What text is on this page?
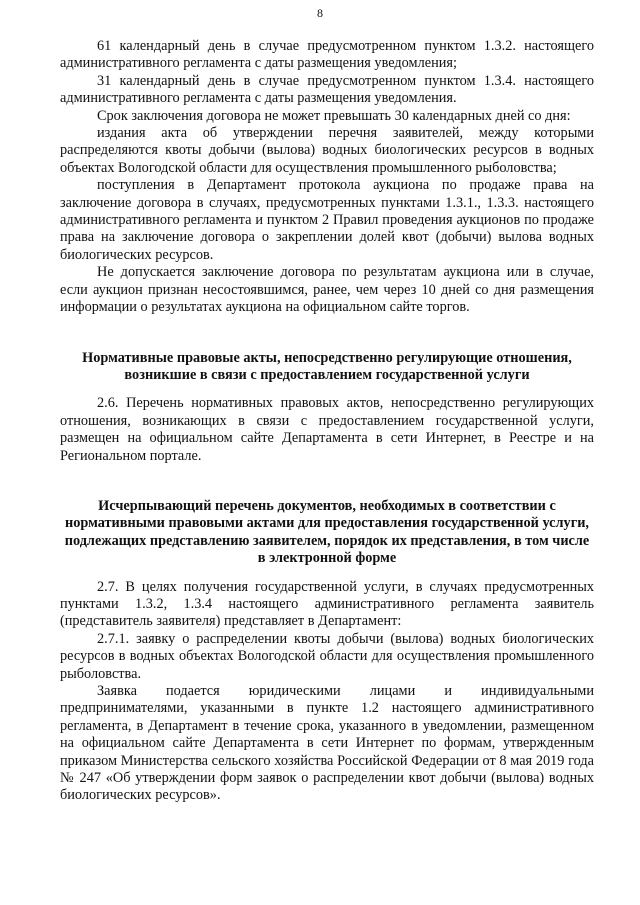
8

61 календарный день в случае предусмотренном пунктом 1.3.2. настоящего административного регламента с даты размещения уведомления;

31 календарный день в случае предусмотренном пунктом 1.3.4. настоящего административного регламента с даты размещения уведомления.

Срок заключения договора не может превышать 30 календарных дней со дня:

издания акта об утверждении перечня заявителей, между которыми распределяются квоты добычи (вылова) водных биологических ресурсов в водных объектах Вологодской области для осуществления промышленного рыболовства;

поступления в Департамент протокола аукциона по продаже права на заключение договора в случаях, предусмотренных пунктами 1.3.1., 1.3.3. настоящего административного регламента и пунктом 2 Правил проведения аукционов по продаже права на заключение договора о закреплении долей квот (добычи) вылова водных биологических ресурсов.

Не допускается заключение договора по результатам аукциона или в случае, если аукцион признан несостоявшимся, ранее, чем через 10 дней со дня размещения информации о результатах аукциона на официальном сайте торгов.

Нормативные правовые акты, непосредственно регулирующие отношения, возникшие в связи с предоставлением государственной услуги

2.6. Перечень нормативных правовых актов, непосредственно регулирующих отношения, возникающих в связи с предоставлением государственной услуги, размещен на официальном сайте Департамента в сети Интернет, в Реестре и на Региональном портале.

Исчерпывающий перечень документов, необходимых в соответствии с нормативными правовыми актами для предоставления государственной услуги, подлежащих представлению заявителем, порядок их представления, в том числе в электронной форме

2.7. В целях получения государственной услуги, в случаях предусмотренных пунктами 1.3.2, 1.3.4 настоящего административного регламента заявитель (представитель заявителя) представляет в Департамент:

2.7.1. заявку о распределении квоты добычи (вылова) водных биологических ресурсов в водных объектах Вологодской области для осуществления промышленного рыболовства.

Заявка подается юридическими лицами и индивидуальными предпринимателями, указанными в пункте 1.2 настоящего административного регламента, в Департамент в течение срока, указанного в уведомлении, размещенном на официальном сайте Департамента в сети Интернет по формам, утвержденным приказом Министерства сельского хозяйства Российской Федерации от 8 мая 2019 года № 247 «Об утверждении форм заявок о распределении квот добычи (вылова) водных биологических ресурсов».
